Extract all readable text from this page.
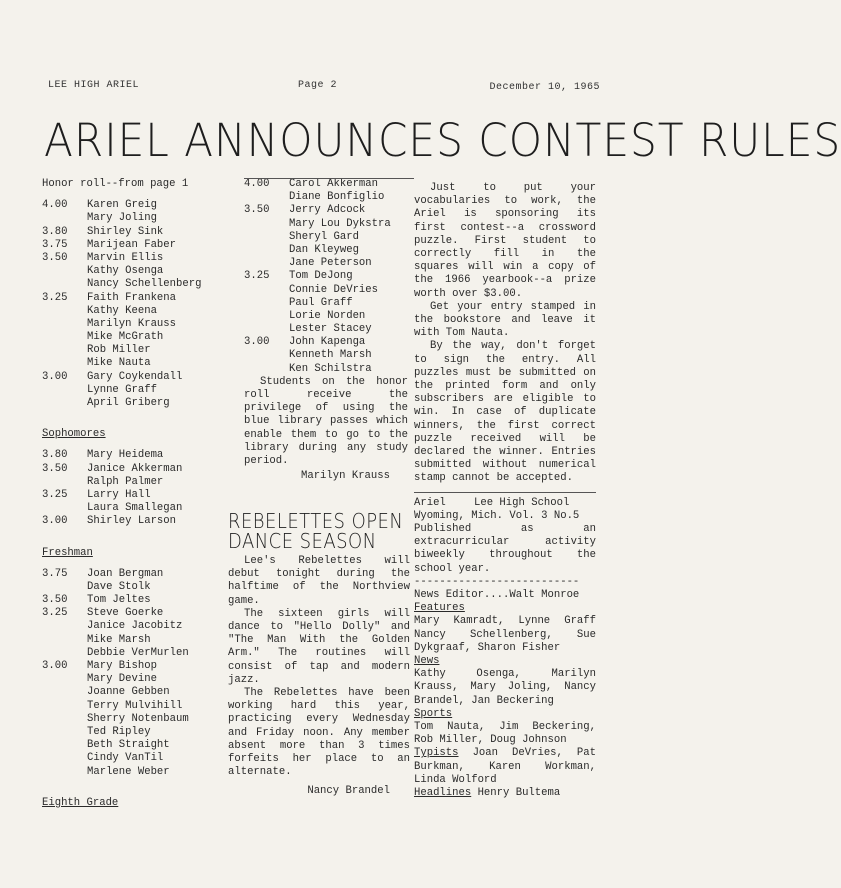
LEE HIGH ARIEL	Page 2	December 10, 1965
ARIEL ANNOUNCES CONTEST RULES
Honor roll--from page 1
4.00	Karen Greig
Mary Joling
3.80	Shirley Sink
3.75	Marijean Faber
3.50	Marvin Ellis
Kathy Osenga
Nancy Schellenberg
3.25	Faith Frankena
Kathy Keena
Marilyn Krauss
Mike McGrath
Rob Miller
Mike Nauta
3.00	Gary Coykendall
Lynne Graff
April Griberg
Sophomores
3.80	Mary Heidema
3.50	Janice Akkerman
Ralph Palmer
3.25	Larry Hall
Laura Smallegan
3.00	Shirley Larson
Freshman
3.75	Joan Bergman
Dave Stolk
3.50	Tom Jeltes
3.25	Steve Goerke
Janice Jacobitz
Mike Marsh
Debbie VerMurlen
3.00	Mary Bishop
Mary Devine
Joanne Gebben
Terry Mulvihill
Sherry Notenbaum
Ted Ripley
Beth Straight
Cindy VanTil
Marlene Weber
Eighth Grade
4.00	Carol Akkerman
Diane Bonfiglio
3.50	Jerry Adcock
Mary Lou Dykstra
Sheryl Gard
Dan Kleyweg
Jane Peterson
3.25	Tom DeJong
Connie DeVries
Paul Graff
Lorie Norden
Lester Stacey
3.00	John Kapenga
Kenneth Marsh
Ken Schilstra
Students on the honor roll receive the privilege of using the blue library passes which enable them to go to the library during any study period.
Marilyn Krauss
REBELETTES OPEN
DANCE SEASON
Lee's Rebelettes will debut tonight during the halftime of the Northview game.
The sixteen girls will dance to "Hello Dolly" and "The Man With the Golden Arm." The routines will consist of tap and modern jazz.
The Rebelettes have been working hard this year, practicing every Wednesday and Friday noon. Any member absent more than 3 times forfeits her place to an alternate.
Nancy Brandel
Just to put your vocabularies to work, the Ariel is sponsoring its first contest--a crossword puzzle. First student to correctly fill in the squares will win a copy of the 1966 yearbook--a prize worth over $3.00.
Get your entry stamped in the bookstore and leave it with Tom Nauta.
By the way, don't forget to sign the entry. All puzzles must be submitted on the printed form and only subscribers are eligible to win. In case of duplicate winners, the first correct puzzle received will be declared the winner. Entries submitted without numerical stamp cannot be accepted.
Ariel	Lee High School
Wyoming, Mich. Vol. 3 No.5
Published as an extracurricular activity biweekly throughout the school year.
--------------------------
News Editor....Walt Monroe
Features
Mary Kamradt, Lynne Graff Nancy Schellenberg, Sue Dykgraaf, Sharon Fisher
News
Kathy Osenga, Marilyn Krauss, Mary Joling, Nancy Brandel, Jan Beckering
Sports
Tom Nauta, Jim Beckering, Rob Miller, Doug Johnson
Typists Joan DeVries, Pat Burkman, Karen Workman, Linda Wolford
Headlines Henry Bultema
